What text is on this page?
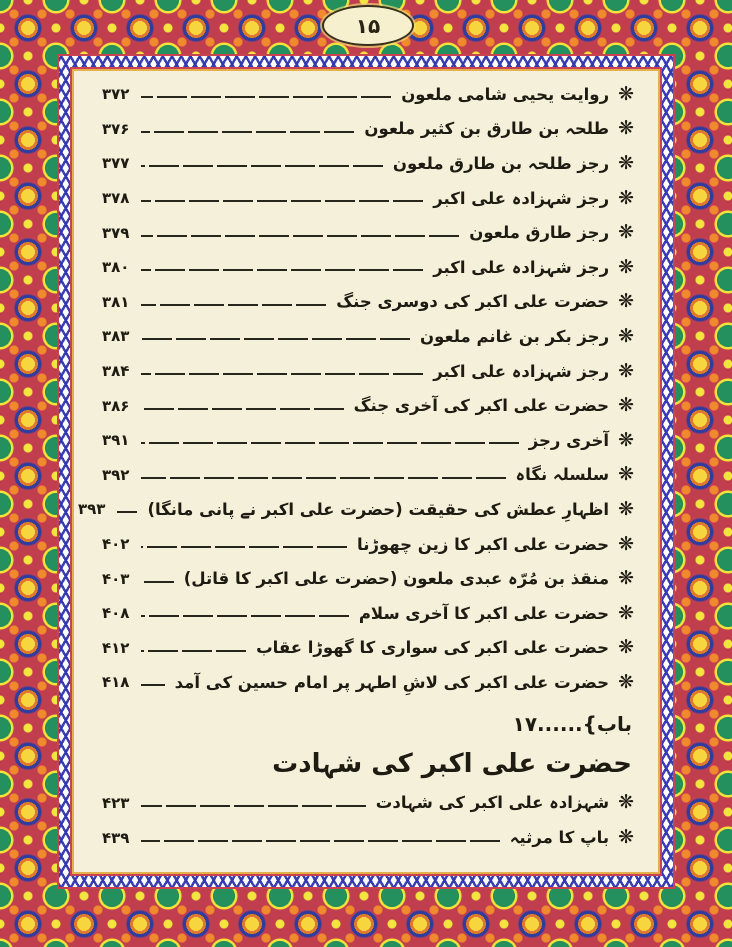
۱۵
❋
روایت یحیی شامی ملعون
۳۷۲
❋
طلحہ بن طارق بن کثیر ملعون
۳۷۶
❋
رجز طلحہ بن طارق ملعون
۳۷۷
❋
رجز شہزادہ علی اکبر
۳۷۸
❋
رجز طارق ملعون
۳۷۹
❋
رجز شہزادہ علی اکبر
۳۸۰
❋
حضرت علی اکبر کی دوسری جنگ
۳۸۱
❋
رجز بکر بن غانم ملعون
۳۸۳
❋
رجز شہزادہ علی اکبر
۳۸۴
❋
حضرت علی اکبر کی آخری جنگ
۳۸۶
❋
آخری رجز
۳۹۱
❋
سلسلہ نگاہ
۳۹۲
❋
اظہارِ عطش کی حقیقت (حضرت علی اکبر نے پانی مانگا)
۳۹۳
❋
حضرت علی اکبر کا زین چھوڑنا
۴۰۲
❋
منقذ بن مُرّہ عبدی ملعون (حضرت علی اکبر کا قاتل)
۴۰۳
❋
حضرت علی اکبر کا آخری سلام
۴۰۸
❋
حضرت علی اکبر کی سواری کا گھوڑا عقاب
۴۱۲
❋
حضرت علی اکبر کی لاشِ اطہر پر امام حسین کی آمد
۴۱۸
باب}......۱۷
حضرت علی اکبر کی شہادت
❋
شہزادہ علی اکبر کی شہادت
۴۲۳
❋
باپ کا مرثیہ
۴۳۹
